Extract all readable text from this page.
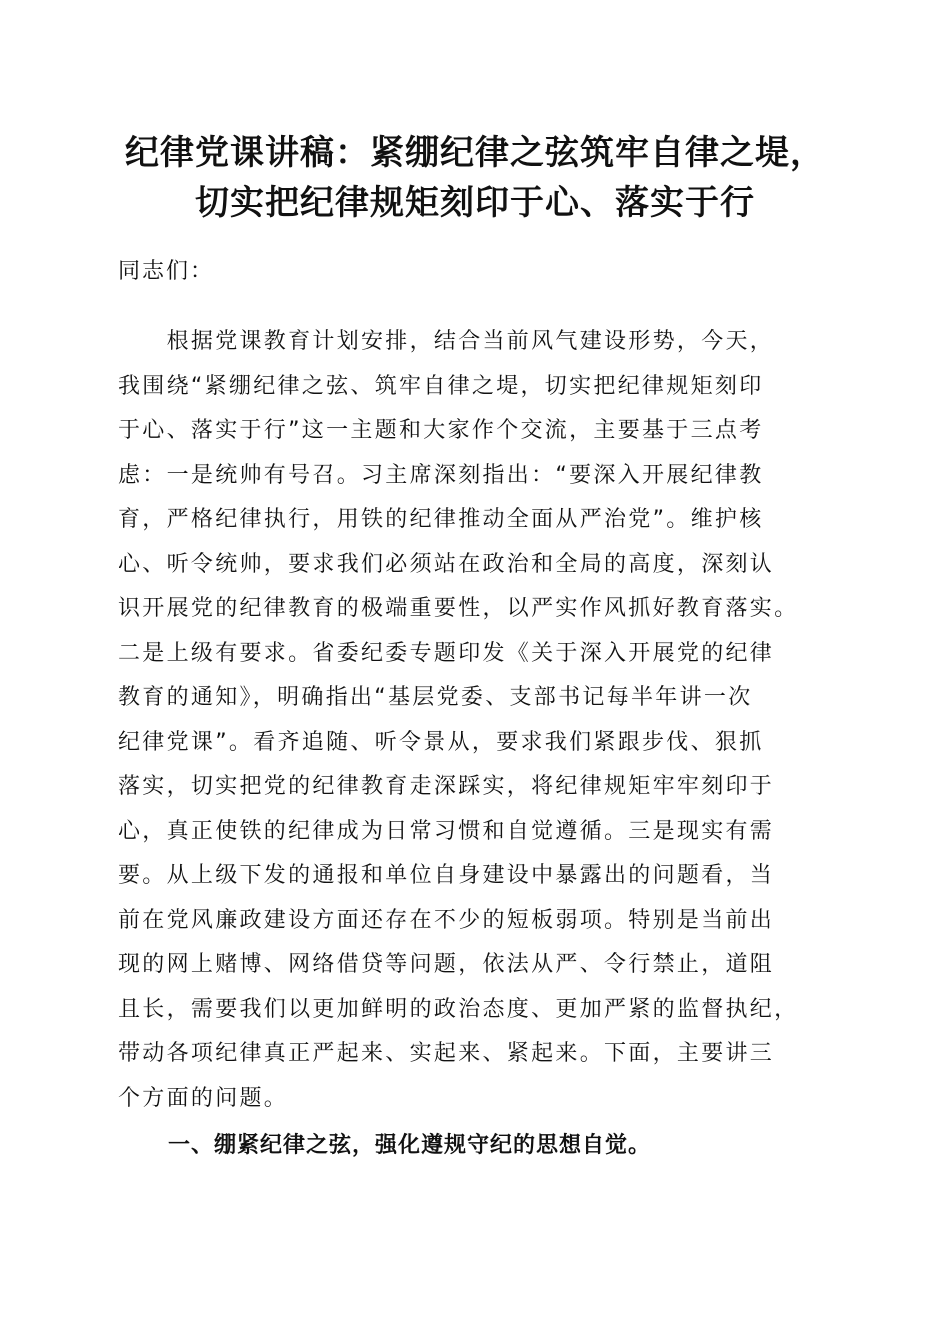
纪律党课讲稿：紧绷纪律之弦筑牢自律之堤，
切实把纪律规矩刻印于心、落实于行
同志们：
　　根据党课教育计划安排，结合当前风气建设形势，今天，
我围绕“紧绷纪律之弦、筑牢自律之堤，切实把纪律规矩刻印
于心、落实于行”这一主题和大家作个交流，主要基于三点考
虑：一是统帅有号召。习主席深刻指出：“要深入开展纪律教
育，严格纪律执行，用铁的纪律推动全面从严治党”。维护核
心、听令统帅，要求我们必须站在政治和全局的高度，深刻认
识开展党的纪律教育的极端重要性，以严实作风抓好教育落实。
二是上级有要求。省委纪委专题印发《关于深入开展党的纪律
教育的通知》，明确指出“基层党委、支部书记每半年讲一次
纪律党课”。看齐追随、听令景从，要求我们紧跟步伐、狠抓
落实，切实把党的纪律教育走深踩实，将纪律规矩牢牢刻印于
心，真正使铁的纪律成为日常习惯和自觉遵循。三是现实有需
要。从上级下发的通报和单位自身建设中暴露出的问题看，当
前在党风廉政建设方面还存在不少的短板弱项。特别是当前出
现的网上赌博、网络借贷等问题，依法从严、令行禁止，道阻
且长，需要我们以更加鲜明的政治态度、更加严紧的监督执纪，
带动各项纪律真正严起来、实起来、紧起来。下面，主要讲三
个方面的问题。
一、绷紧纪律之弦，强化遵规守纪的思想自觉。
